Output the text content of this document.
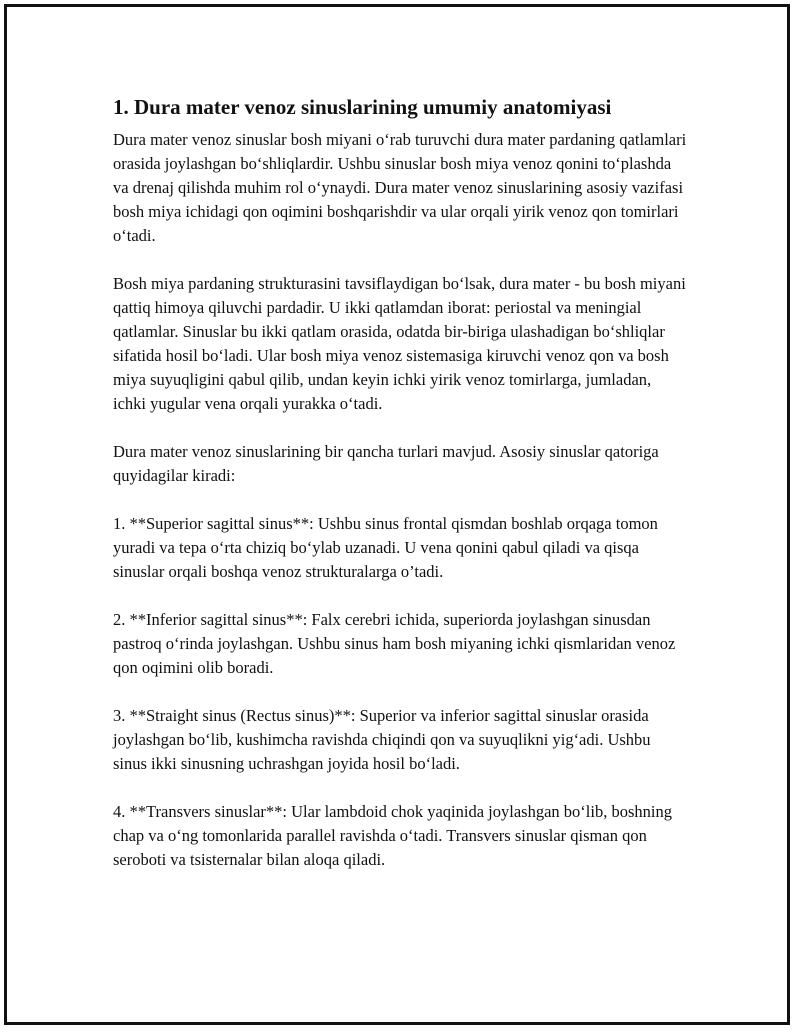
1. Dura mater venoz sinuslarining umumiy anatomiyasi

Dura mater venoz sinuslar bosh miyani o‘rab turuvchi dura mater pardaning qatlamlari orasida joylashgan bo‘shliqlardir. Ushbu sinuslar bosh miya venoz qonini to‘plashda va drenaj qilishda muhim rol o‘ynaydi. Dura mater venoz sinuslarining asosiy vazifasi bosh miya ichidagi qon oqimini boshqarishdir va ular orqali yirik venoz qon tomirlari o‘tadi.

Bosh miya pardaning strukturasini tavsiflaydigan bo‘lsak, dura mater - bu bosh miyani qattiq himoya qiluvchi pardadir. U ikki qatlamdan iborat: periostal va meningial qatlamlar. Sinuslar bu ikki qatlam orasida, odatda bir-biriga ulashadigan bo‘shliqlar sifatida hosil bo‘ladi. Ular bosh miya venoz sistemasiga kiruvchi venoz qon va bosh miya suyuqligini qabul qilib, undan keyin ichki yirik venoz tomirlarga, jumladan, ichki yugular vena orqali yurakka o‘tadi.

Dura mater venoz sinuslarining bir qancha turlari mavjud. Asosiy sinuslar qatoriga quyidagilar kiradi:

1. **Superior sagittal sinus**: Ushbu sinus frontal qismdan boshlab orqaga tomon yuradi va tepa o‘rta chiziq bo‘ylab uzanadi. U vena qonini qabul qiladi va qisqa sinuslar orqali boshqa venoz strukturalarga o’tadi.

2. **Inferior sagittal sinus**: Falx cerebri ichida, superiorda joylashgan sinusdan pastroq o‘rinda joylashgan. Ushbu sinus ham bosh miyaning ichki qismlaridan venoz qon oqimini olib boradi.

3. **Straight sinus (Rectus sinus)**: Superior va inferior sagittal sinuslar orasida joylashgan bo‘lib, kushimcha ravishda chiqindi qon va suyuqlikni yig‘adi. Ushbu sinus ikki sinusning uchrashgan joyida hosil bo‘ladi.

4. **Transvers sinuslar**: Ular lambdoid chok yaqinida joylashgan bo‘lib, boshning chap va o‘ng tomonlarida parallel ravishda o‘tadi. Transvers sinuslar qisman qon seroboti va tsisternalar bilan aloqa qiladi.
